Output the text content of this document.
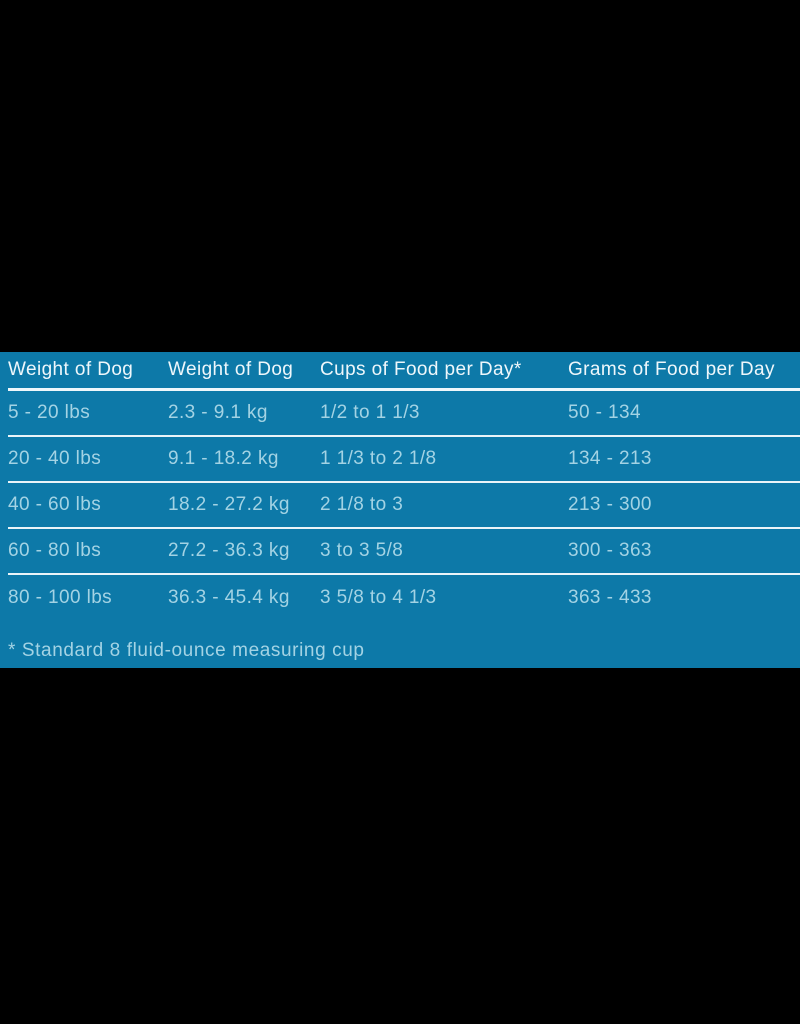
Weight of Dog	Weight of Dog	Cups of Food per Day*	Grams of Food per Day
5 - 20 lbs	2.3 - 9.1 kg	1/2 to 1 1/3	50 - 134
20 - 40 lbs	9.1 - 18.2 kg	1 1/3 to 2 1/8	134 - 213
40 - 60 lbs	18.2 - 27.2 kg	2 1/8 to 3	213 - 300
60 - 80 lbs	27.2 - 36.3 kg	3 to 3 5/8	300 - 363
80 - 100 lbs	36.3 - 45.4 kg	3 5/8 to 4 1/3	363 - 433
* Standard 8 fluid-ounce measuring cup
